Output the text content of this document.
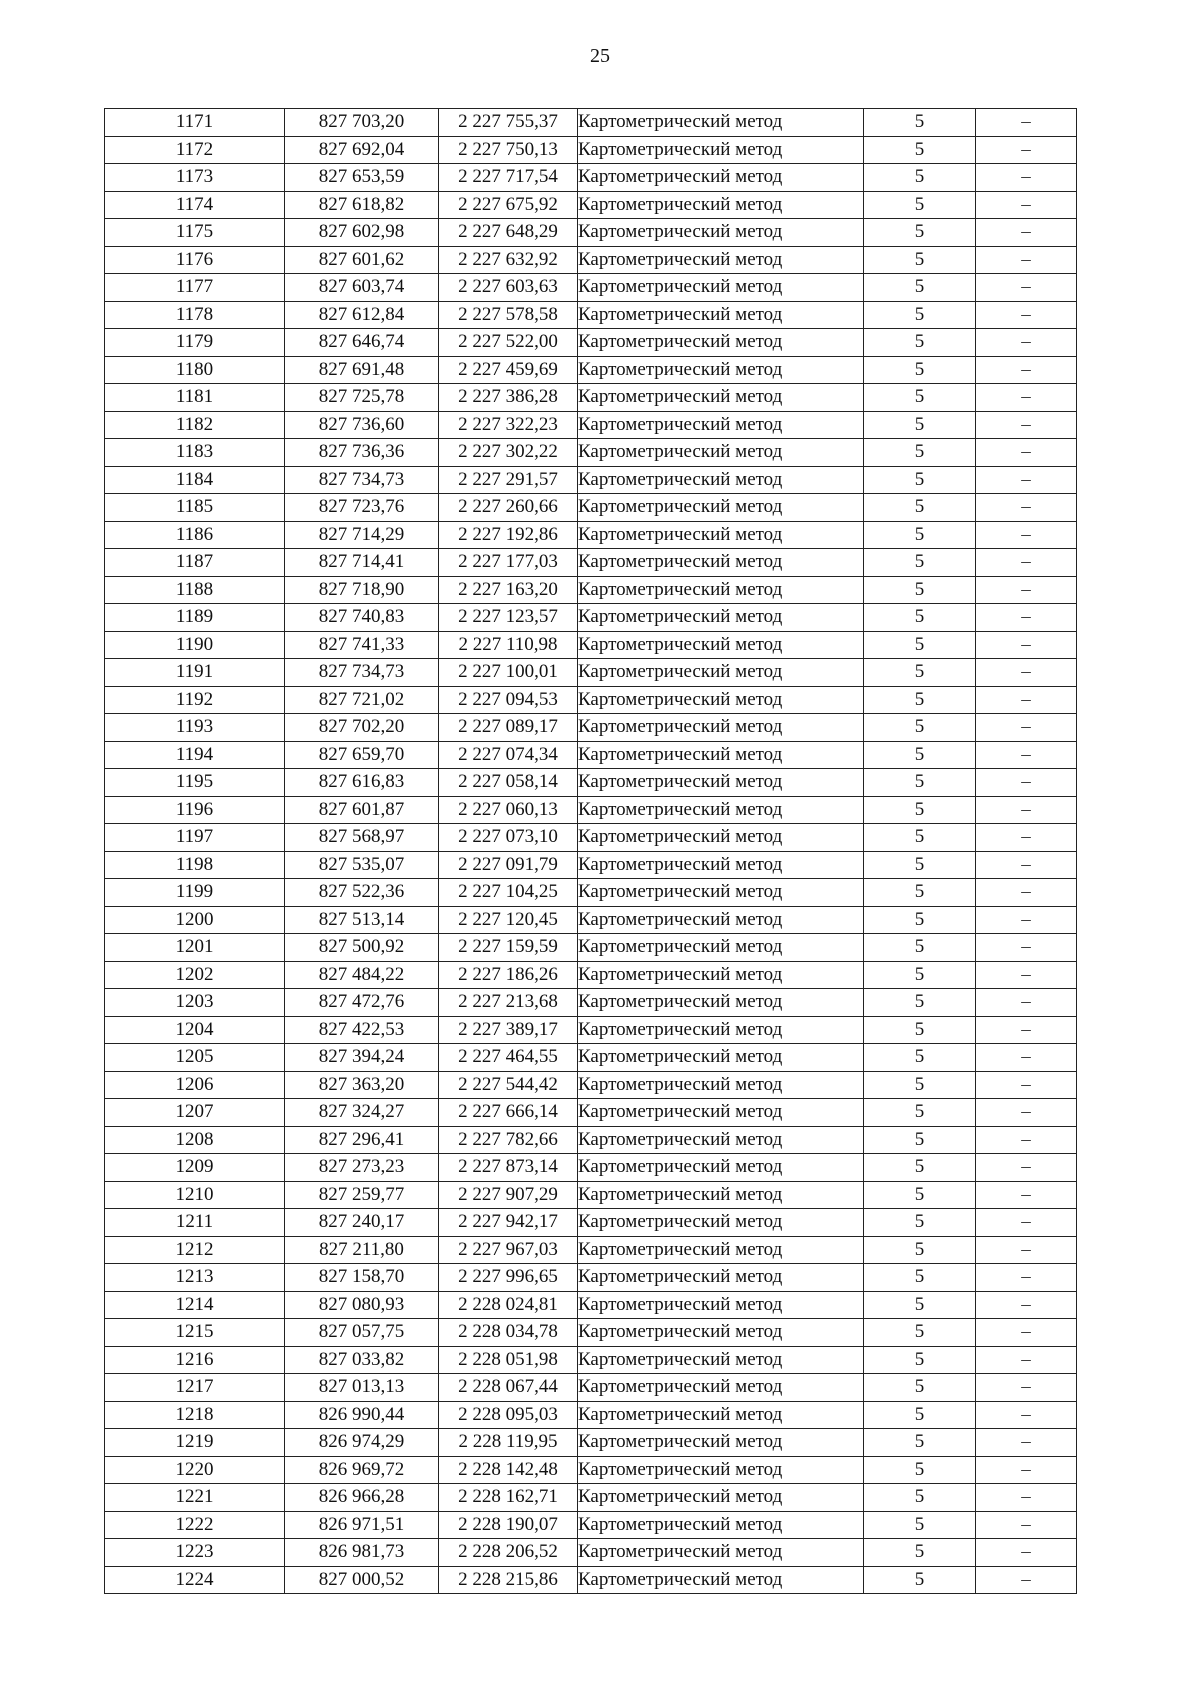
25
1171	827 703,20	2 227 755,37	Картометрический метод	5	–
1172	827 692,04	2 227 750,13	Картометрический метод	5	–
1173	827 653,59	2 227 717,54	Картометрический метод	5	–
1174	827 618,82	2 227 675,92	Картометрический метод	5	–
1175	827 602,98	2 227 648,29	Картометрический метод	5	–
1176	827 601,62	2 227 632,92	Картометрический метод	5	–
1177	827 603,74	2 227 603,63	Картометрический метод	5	–
1178	827 612,84	2 227 578,58	Картометрический метод	5	–
1179	827 646,74	2 227 522,00	Картометрический метод	5	–
1180	827 691,48	2 227 459,69	Картометрический метод	5	–
1181	827 725,78	2 227 386,28	Картометрический метод	5	–
1182	827 736,60	2 227 322,23	Картометрический метод	5	–
1183	827 736,36	2 227 302,22	Картометрический метод	5	–
1184	827 734,73	2 227 291,57	Картометрический метод	5	–
1185	827 723,76	2 227 260,66	Картометрический метод	5	–
1186	827 714,29	2 227 192,86	Картометрический метод	5	–
1187	827 714,41	2 227 177,03	Картометрический метод	5	–
1188	827 718,90	2 227 163,20	Картометрический метод	5	–
1189	827 740,83	2 227 123,57	Картометрический метод	5	–
1190	827 741,33	2 227 110,98	Картометрический метод	5	–
1191	827 734,73	2 227 100,01	Картометрический метод	5	–
1192	827 721,02	2 227 094,53	Картометрический метод	5	–
1193	827 702,20	2 227 089,17	Картометрический метод	5	–
1194	827 659,70	2 227 074,34	Картометрический метод	5	–
1195	827 616,83	2 227 058,14	Картометрический метод	5	–
1196	827 601,87	2 227 060,13	Картометрический метод	5	–
1197	827 568,97	2 227 073,10	Картометрический метод	5	–
1198	827 535,07	2 227 091,79	Картометрический метод	5	–
1199	827 522,36	2 227 104,25	Картометрический метод	5	–
1200	827 513,14	2 227 120,45	Картометрический метод	5	–
1201	827 500,92	2 227 159,59	Картометрический метод	5	–
1202	827 484,22	2 227 186,26	Картометрический метод	5	–
1203	827 472,76	2 227 213,68	Картометрический метод	5	–
1204	827 422,53	2 227 389,17	Картометрический метод	5	–
1205	827 394,24	2 227 464,55	Картометрический метод	5	–
1206	827 363,20	2 227 544,42	Картометрический метод	5	–
1207	827 324,27	2 227 666,14	Картометрический метод	5	–
1208	827 296,41	2 227 782,66	Картометрический метод	5	–
1209	827 273,23	2 227 873,14	Картометрический метод	5	–
1210	827 259,77	2 227 907,29	Картометрический метод	5	–
1211	827 240,17	2 227 942,17	Картометрический метод	5	–
1212	827 211,80	2 227 967,03	Картометрический метод	5	–
1213	827 158,70	2 227 996,65	Картометрический метод	5	–
1214	827 080,93	2 228 024,81	Картометрический метод	5	–
1215	827 057,75	2 228 034,78	Картометрический метод	5	–
1216	827 033,82	2 228 051,98	Картометрический метод	5	–
1217	827 013,13	2 228 067,44	Картометрический метод	5	–
1218	826 990,44	2 228 095,03	Картометрический метод	5	–
1219	826 974,29	2 228 119,95	Картометрический метод	5	–
1220	826 969,72	2 228 142,48	Картометрический метод	5	–
1221	826 966,28	2 228 162,71	Картометрический метод	5	–
1222	826 971,51	2 228 190,07	Картометрический метод	5	–
1223	826 981,73	2 228 206,52	Картометрический метод	5	–
1224	827 000,52	2 228 215,86	Картометрический метод	5	–
